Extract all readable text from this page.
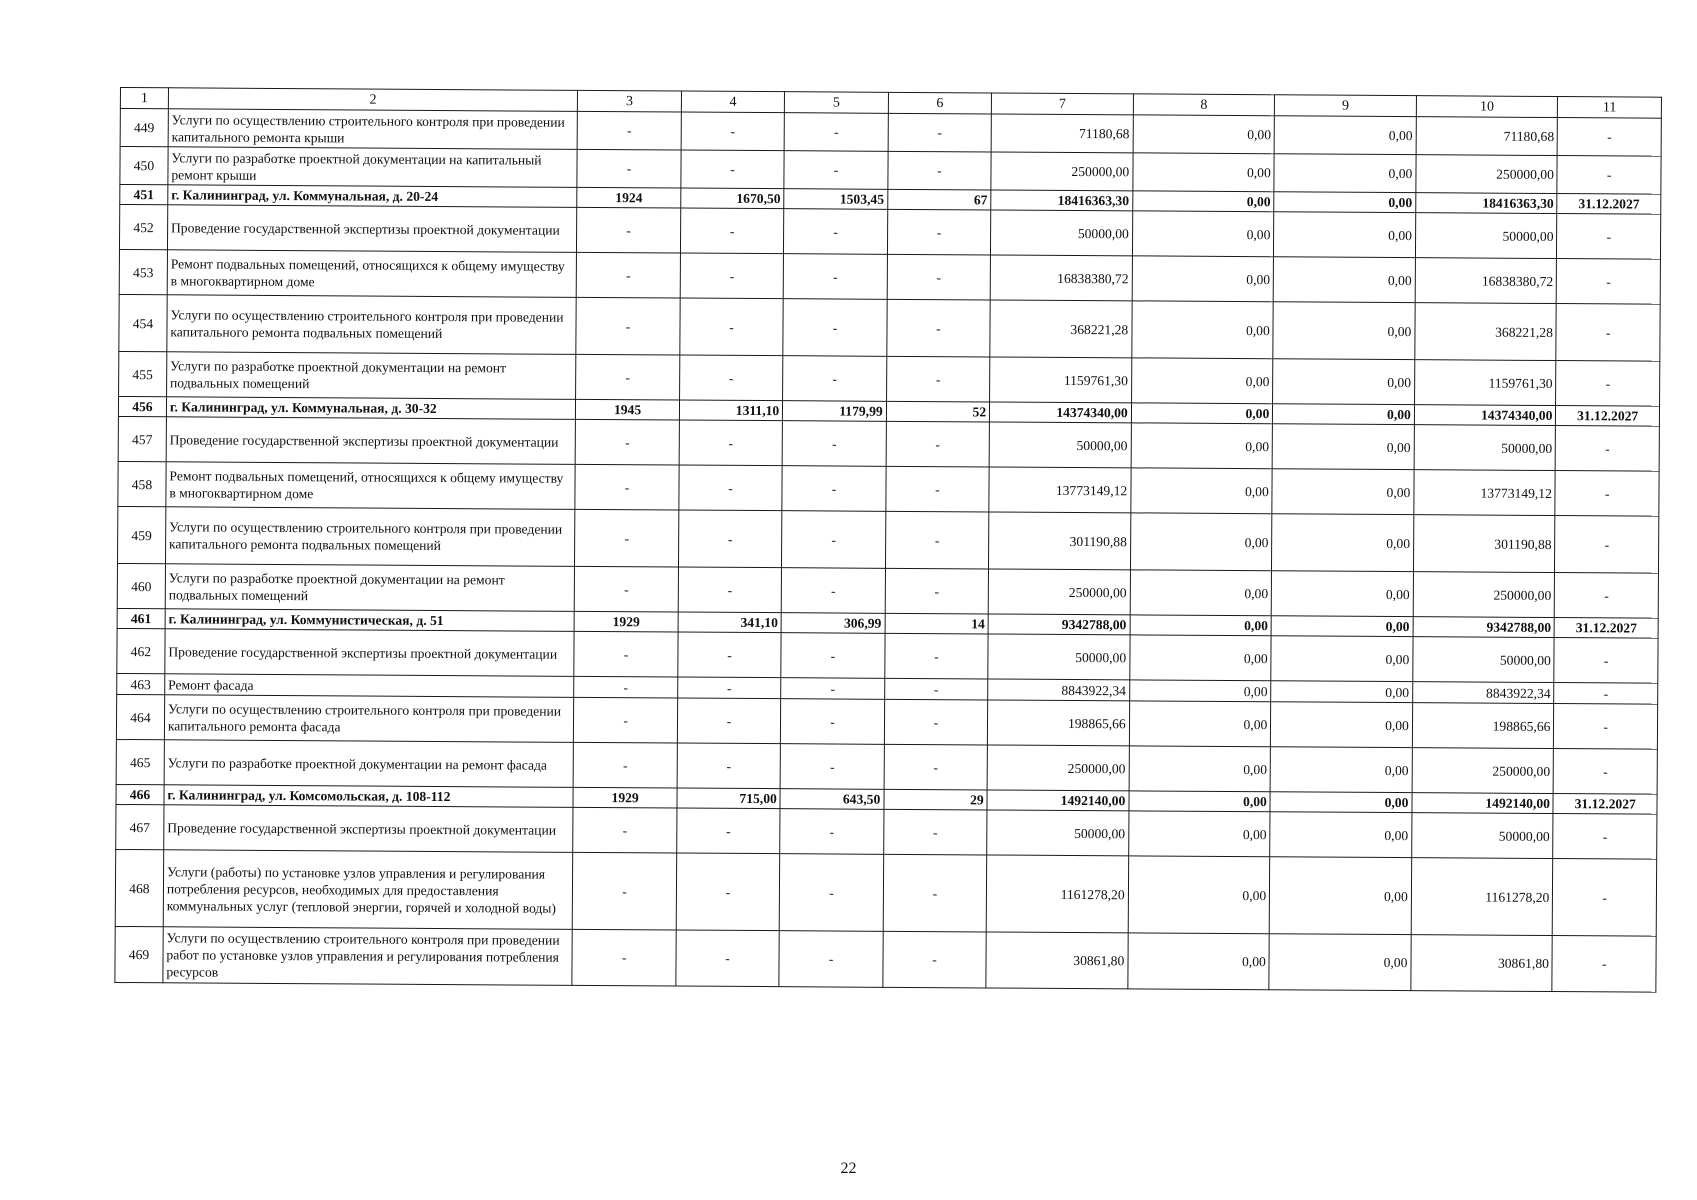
1	2	3	4	5	6	7	8	9	10	11
449	Услуги по осуществлению строительного контроля при проведении капитального ремонта крыши	-	-	-	-	71180,68	0,00	0,00	71180,68	-
450	Услуги по разработке проектной документации на капитальный ремонт крыши	-	-	-	-	250000,00	0,00	0,00	250000,00	-
451	г. Калининград, ул. Коммунальная, д. 20-24	1924	1670,50	1503,45	67	18416363,30	0,00	0,00	18416363,30	31.12.2027
452	Проведение государственной экспертизы проектной документации	-	-	-	-	50000,00	0,00	0,00	50000,00	-
453	Ремонт подвальных помещений, относящихся к общему имуществу в многоквартирном доме	-	-	-	-	16838380,72	0,00	0,00	16838380,72	-
454	Услуги по осуществлению строительного контроля при проведении капитального ремонта подвальных помещений	-	-	-	-	368221,28	0,00	0,00	368221,28	-
455	Услуги по разработке проектной документации на ремонт подвальных помещений	-	-	-	-	1159761,30	0,00	0,00	1159761,30	-
456	г. Калининград, ул. Коммунальная, д. 30-32	1945	1311,10	1179,99	52	14374340,00	0,00	0,00	14374340,00	31.12.2027
457	Проведение государственной экспертизы проектной документации	-	-	-	-	50000,00	0,00	0,00	50000,00	-
458	Ремонт подвальных помещений, относящихся к общему имуществу в многоквартирном доме	-	-	-	-	13773149,12	0,00	0,00	13773149,12	-
459	Услуги по осуществлению строительного контроля при проведении капитального ремонта подвальных помещений	-	-	-	-	301190,88	0,00	0,00	301190,88	-
460	Услуги по разработке проектной документации на ремонт подвальных помещений	-	-	-	-	250000,00	0,00	0,00	250000,00	-
461	г. Калининград, ул. Коммунистическая, д. 51	1929	341,10	306,99	14	9342788,00	0,00	0,00	9342788,00	31.12.2027
462	Проведение государственной экспертизы проектной документации	-	-	-	-	50000,00	0,00	0,00	50000,00	-
463	Ремонт фасада	-	-	-	-	8843922,34	0,00	0,00	8843922,34	-
464	Услуги по осуществлению строительного контроля при проведении капитального ремонта фасада	-	-	-	-	198865,66	0,00	0,00	198865,66	-
465	Услуги по разработке проектной документации на ремонт фасада	-	-	-	-	250000,00	0,00	0,00	250000,00	-
466	г. Калининград, ул. Комсомольская, д. 108-112	1929	715,00	643,50	29	1492140,00	0,00	0,00	1492140,00	31.12.2027
467	Проведение государственной экспертизы проектной документации	-	-	-	-	50000,00	0,00	0,00	50000,00	-
468	Услуги (работы) по установке узлов управления и регулирования потребления ресурсов, необходимых для предоставления коммунальных услуг (тепловой энергии, горячей и холодной воды)	-	-	-	-	1161278,20	0,00	0,00	1161278,20	-
469	Услуги по осуществлению строительного контроля при проведении работ по установке узлов управления и регулирования потребления ресурсов	-	-	-	-	30861,80	0,00	0,00	30861,80	-
22
